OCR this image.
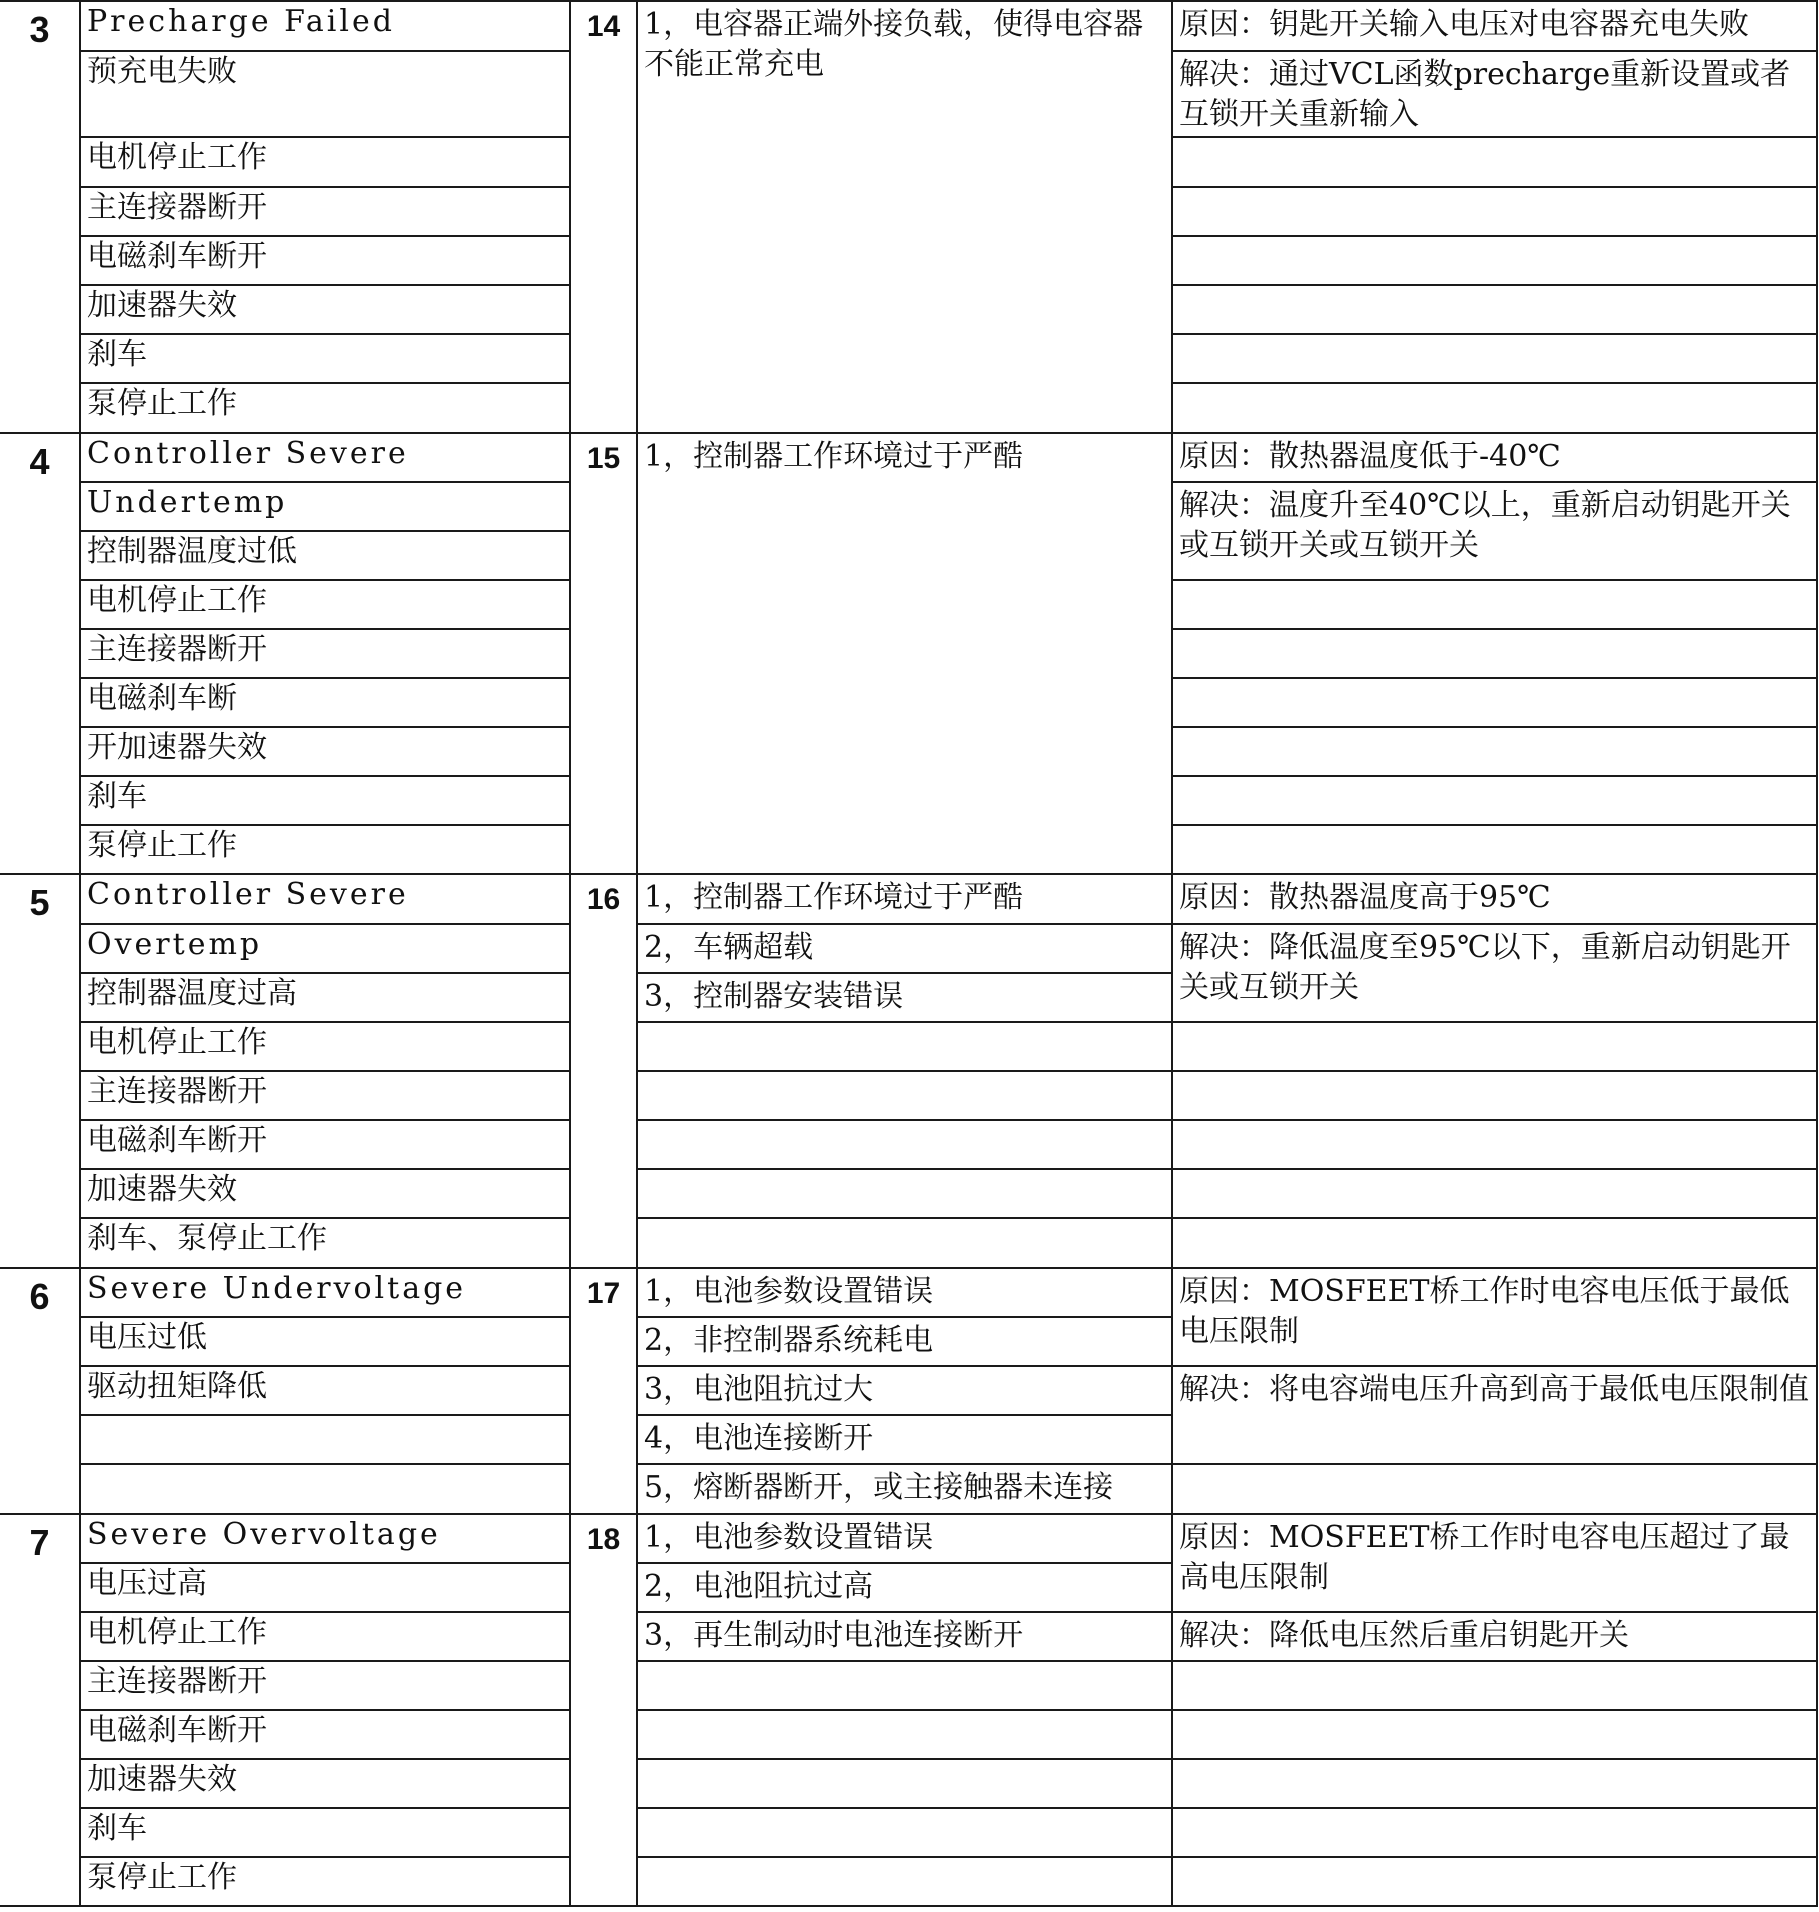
3	Precharge Failed	14	1，电容器正端外接负载，使得电容器不能正常充电	原因：钥匙开关输入电压对电容器充电失败
	预充电失败			解决：通过VCL函数precharge重新设置或者互锁开关重新输入
	电机停止工作			
	主连接器断开			
	电磁刹车断开			
	加速器失效			
	刹车			
	泵停止工作			
4	Controller Severe	15	1，控制器工作环境过于严酷	原因：散热器温度低于-40℃
	Undertemp			解决：温度升至40℃以上，重新启动钥匙开关或互锁开关或互锁开关
	控制器温度过低			
	电机停止工作			
	主连接器断开			
	电磁刹车断			
	开加速器失效			
	刹车			
	泵停止工作			
5	Controller Severe	16	1，控制器工作环境过于严酷	原因：散热器温度高于95℃
	Overtemp		2，车辆超载	解决：降低温度至95℃以下，重新启动钥匙开关或互锁开关
	控制器温度过高		3，控制器安装错误	
	电机停止工作			
	主连接器断开			
	电磁刹车断开			
	加速器失效			
	刹车、泵停止工作			
6	Severe Undervoltage	17	1，电池参数设置错误	原因：MOSFEET桥工作时电容电压低于最低电压限制
	电压过低		2，非控制器系统耗电	
	驱动扭矩降低		3，电池阻抗过大	解决：将电容端电压升高到高于最低电压限制值
			4，电池连接断开	
			5，熔断器断开，或主接触器未连接	
7	Severe Overvoltage	18	1，电池参数设置错误	原因：MOSFEET桥工作时电容电压超过了最高电压限制
	电压过高		2，电池阻抗过高	
	电机停止工作		3，再生制动时电池连接断开	解决：降低电压然后重启钥匙开关
	主连接器断开			
	电磁刹车断开			
	加速器失效			
	刹车			
	泵停止工作			
